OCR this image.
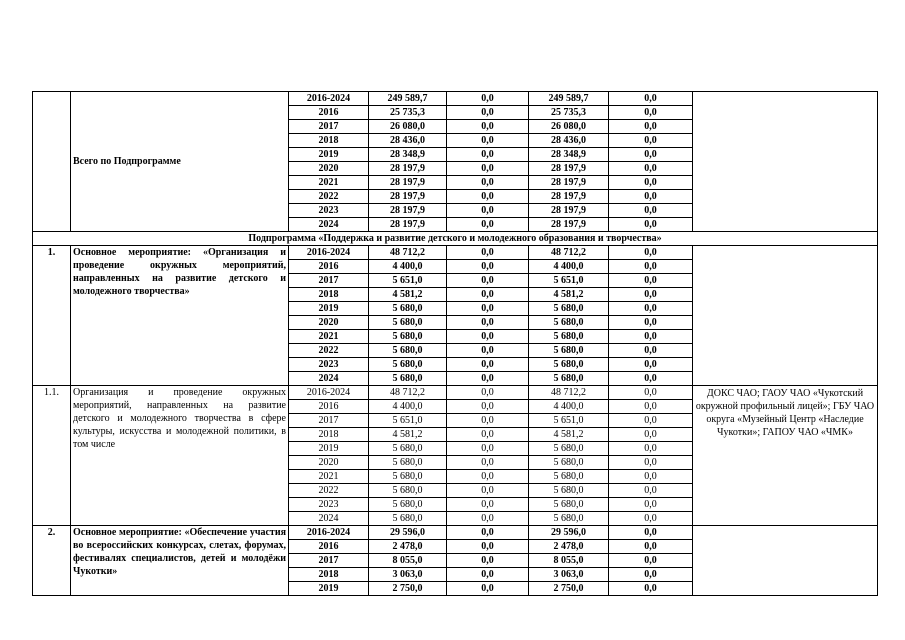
	Всего по Подпрограмме	2016-2024	249 589,7	0,0	249 589,7	0,0	
		2016	25 735,3	0,0	25 735,3	0,0	
		2017	26 080,0	0,0	26 080,0	0,0	
		2018	28 436,0	0,0	28 436,0	0,0	
		2019	28 348,9	0,0	28 348,9	0,0	
		2020	28 197,9	0,0	28 197,9	0,0	
		2021	28 197,9	0,0	28 197,9	0,0	
		2022	28 197,9	0,0	28 197,9	0,0	
		2023	28 197,9	0,0	28 197,9	0,0	
		2024	28 197,9	0,0	28 197,9	0,0	
Подпрограмма «Поддержка и развитие детского и молодежного образования и творчества»							
1.	Основное мероприятие: «Организация и проведение окружных мероприятий, направленных на развитие детского и молодежного творчества»	2016-2024	48 712,2	0,0	48 712,2	0,0	
		2016	4 400,0	0,0	4 400,0	0,0	
		2017	5 651,0	0,0	5 651,0	0,0	
		2018	4 581,2	0,0	4 581,2	0,0	
		2019	5 680,0	0,0	5 680,0	0,0	
		2020	5 680,0	0,0	5 680,0	0,0	
		2021	5 680,0	0,0	5 680,0	0,0	
		2022	5 680,0	0,0	5 680,0	0,0	
		2023	5 680,0	0,0	5 680,0	0,0	
		2024	5 680,0	0,0	5 680,0	0,0	
1.1.	Организация и проведение окружных мероприятий, направленных на развитие детского и молодежного творчества в сфере культуры, искусства и молодежной политики, в том числе	2016-2024	48 712,2	0,0	48 712,2	0,0	ДОКС ЧАО; ГАОУ ЧАО «Чукотский окружной профильный лицей»; ГБУ ЧАО округа «Музейный Центр «Наследие Чукотки»; ГАПОУ ЧАО «ЧМК»
		2016	4 400,0	0,0	4 400,0	0,0	
		2017	5 651,0	0,0	5 651,0	0,0	
		2018	4 581,2	0,0	4 581,2	0,0	
		2019	5 680,0	0,0	5 680,0	0,0	
		2020	5 680,0	0,0	5 680,0	0,0	
		2021	5 680,0	0,0	5 680,0	0,0	
		2022	5 680,0	0,0	5 680,0	0,0	
		2023	5 680,0	0,0	5 680,0	0,0	
		2024	5 680,0	0,0	5 680,0	0,0	
2.	Основное мероприятие: «Обеспечение участия во всероссийских конкурсах, слетах, форумах, фестивалях специалистов, детей и молодёжи Чукотки»	2016-2024	29 596,0	0,0	29 596,0	0,0	
		2016	2 478,0	0,0	2 478,0	0,0	
		2017	8 055,0	0,0	8 055,0	0,0	
		2018	3 063,0	0,0	3 063,0	0,0	
		2019	2 750,0	0,0	2 750,0	0,0	
